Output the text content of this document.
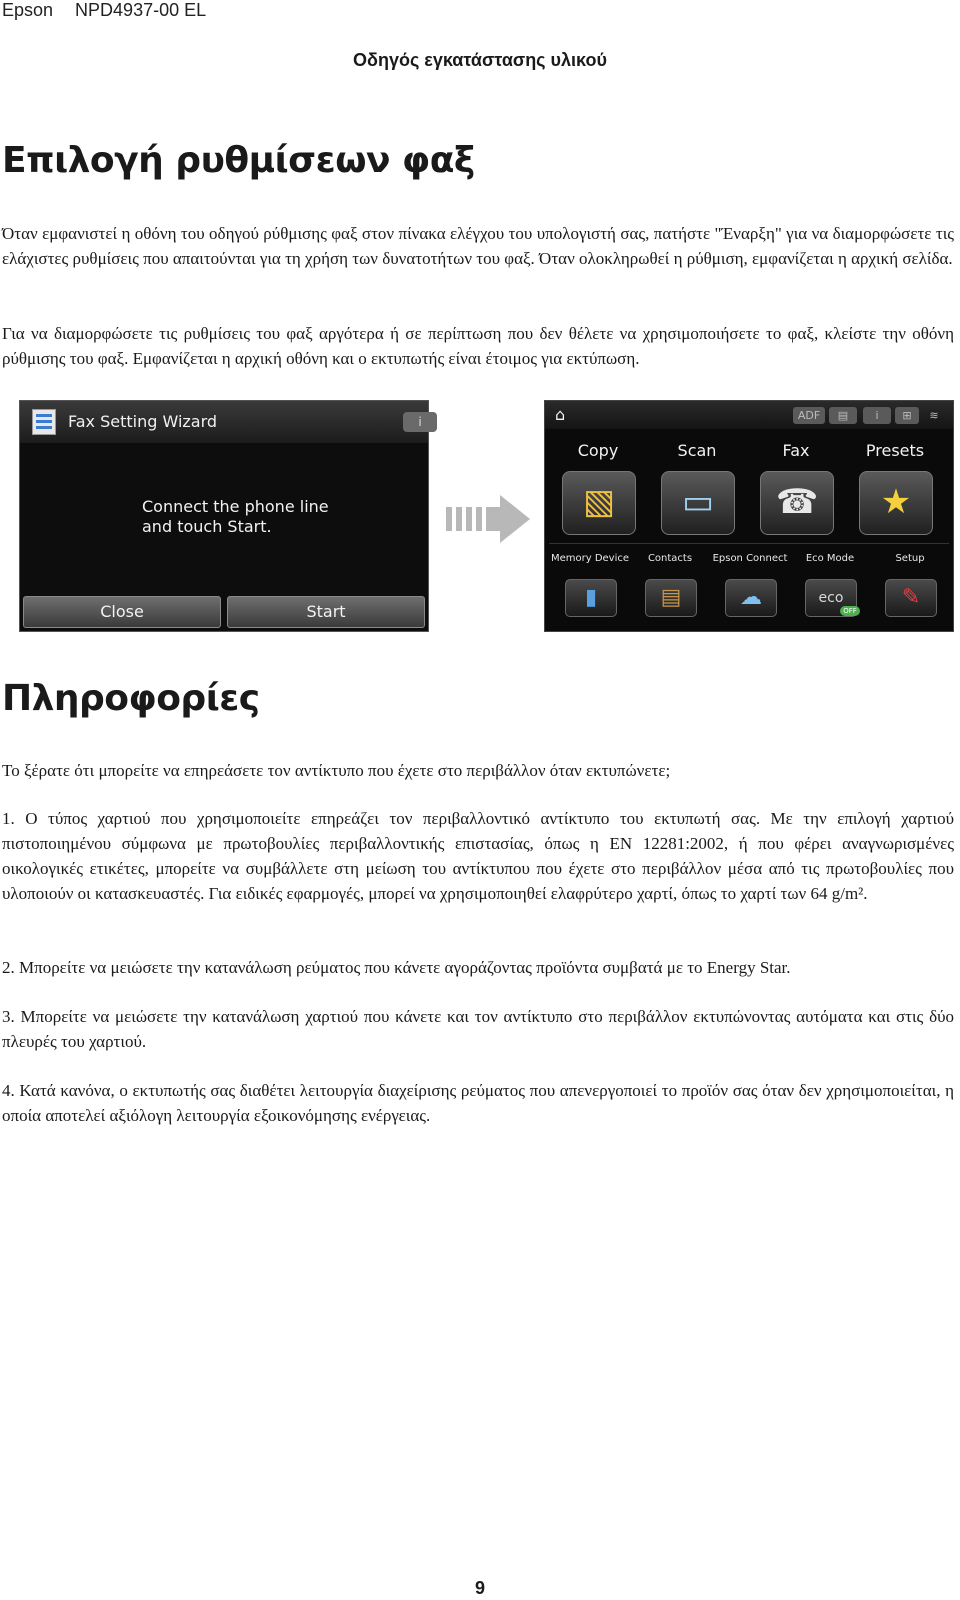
Epson NPD4937-00 EL
Οδηγός εγκατάστασης υλικού
Επιλογή ρυθμίσεων φαξ

Όταν εμφανιστεί η οθόνη του οδηγού ρύθμισης φαξ στον πίνακα ελέγχου του υπολογιστή σας, πατήστε "Έναρξη" για να διαμορφώσετε τις ελάχιστες ρυθμίσεις που απαιτούνται για τη χρήση των δυνατοτήτων του φαξ. Όταν ολοκληρωθεί η ρύθμιση, εμφανίζεται η αρχική σελίδα.

Για να διαμορφώσετε τις ρυθμίσεις του φαξ αργότερα ή σε περίπτωση που δεν θέλετε να χρησιμοποιήσετε το φαξ, κλείστε την οθόνη ρύθμισης του φαξ. Εμφανίζεται η αρχική οθόνη και ο εκτυπωτής είναι έτοιμος για εκτύπωση.

Fax Setting Wizard	i
Connect the phone line
and touch Start.
Close	Start
⌂	ADF	▤	i	⊞	≋
Copy	Scan	Fax	Presets
▧	▭	☎	★
Memory Device	Contacts	Epson Connect	Eco Mode	Setup
▮	▤	☁	eco
OFF
✎
Πληροφορίες

Το ξέρατε ότι μπορείτε να επηρεάσετε τον αντίκτυπο που έχετε στο περιβάλλον όταν εκτυπώνετε;

1. Ο τύπος χαρτιού που χρησιμοποιείτε επηρεάζει τον περιβαλλοντικό αντίκτυπο του εκτυπωτή σας. Με την επιλογή χαρτιού πιστοποιημένου σύμφωνα με πρωτοβουλίες περιβαλλοντικής επιστασίας, όπως η EN 12281:2002, ή που φέρει αναγνωρισμένες οικολογικές ετικέτες, μπορείτε να συμβάλλετε στη μείωση του αντίκτυπου που έχετε στο περιβάλλον μέσα από τις πρωτοβουλίες που υλοποιούν οι κατασκευαστές. Για ειδικές εφαρμογές, μπορεί να χρησιμοποιηθεί ελαφρύτερο χαρτί, όπως το χαρτί των 64 g/m².

2. Μπορείτε να μειώσετε την κατανάλωση ρεύματος που κάνετε αγοράζοντας προϊόντα συμβατά με το Energy Star.

3. Μπορείτε να μειώσετε την κατανάλωση χαρτιού που κάνετε και τον αντίκτυπο στο περιβάλλον εκτυπώνοντας αυτόματα και στις δύο πλευρές του χαρτιού.

4. Κατά κανόνα, ο εκτυπωτής σας διαθέτει λειτουργία διαχείρισης ρεύματος που απενεργοποιεί το προϊόν σας όταν δεν χρησιμοποιείται, η οποία αποτελεί αξιόλογη λειτουργία εξοικονόμησης ενέργειας.

9
